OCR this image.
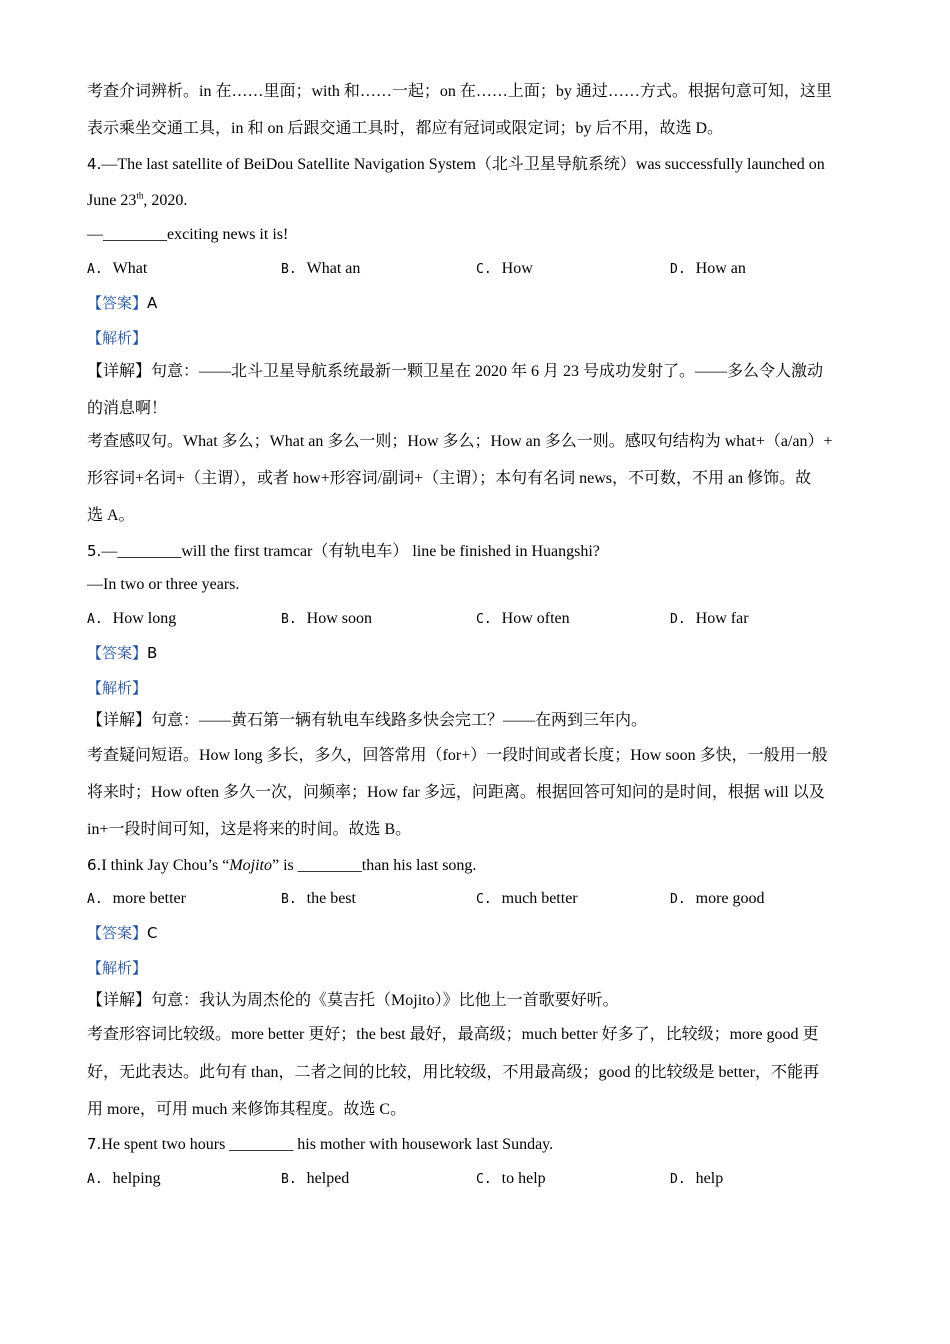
考查介词辨析。in 在……里面；with 和……一起；on 在……上面；by 通过……方式。根据句意可知，这里
表示乘坐交通工具，in 和 on 后跟交通工具时，都应有冠词或限定词；by 后不用，故选 D。
4.—The last satellite of BeiDou Satellite Navigation System（北斗卫星导航系统）was successfully launched on
June 23th, 2020.
—________exciting news it is!
A. What	B. What an	C. How	D. How an
【答案】A
【解析】
【详解】句意：——北斗卫星导航系统最新一颗卫星在 2020 年 6 月 23 号成功发射了。——多么令人激动
的消息啊！
考查感叹句。What 多么；What an 多么一则；How 多么；How an 多么一则。感叹句结构为 what+（a/an）+
形容词+名词+（主谓），或者 how+形容词/副词+（主谓）；本句有名词 news，不可数，不用 an 修饰。故
选 A。
5.—________will the first tramcar（有轨电车） line be finished in Huangshi?
—In two or three years.
A. How long	B. How soon	C. How often	D. How far
【答案】B
【解析】
【详解】句意：——黄石第一辆有轨电车线路多快会完工？——在两到三年内。
考查疑问短语。How long 多长，多久，回答常用（for+）一段时间或者长度；How soon 多快，一般用一般
将来时；How often 多久一次，问频率；How far 多远，问距离。根据回答可知问的是时间，根据 will 以及
in+一段时间可知，这是将来的时间。故选 B。
6.I think Jay Chou’s “Mojito” is ________than his last song.
A. more better	B. the best	C. much better	D. more good
【答案】C
【解析】
【详解】句意：我认为周杰伦的《莫吉托（Mojito）》比他上一首歌要好听。
考查形容词比较级。more better 更好；the best 最好，最高级；much better 好多了，比较级；more good 更
好，无此表达。此句有 than，二者之间的比较，用比较级，不用最高级；good 的比较级是 better，不能再
用 more，可用 much 来修饰其程度。故选 C。
7.He spent two hours ________ his mother with housework last Sunday.
A. helping	B. helped	C. to help	D. help
